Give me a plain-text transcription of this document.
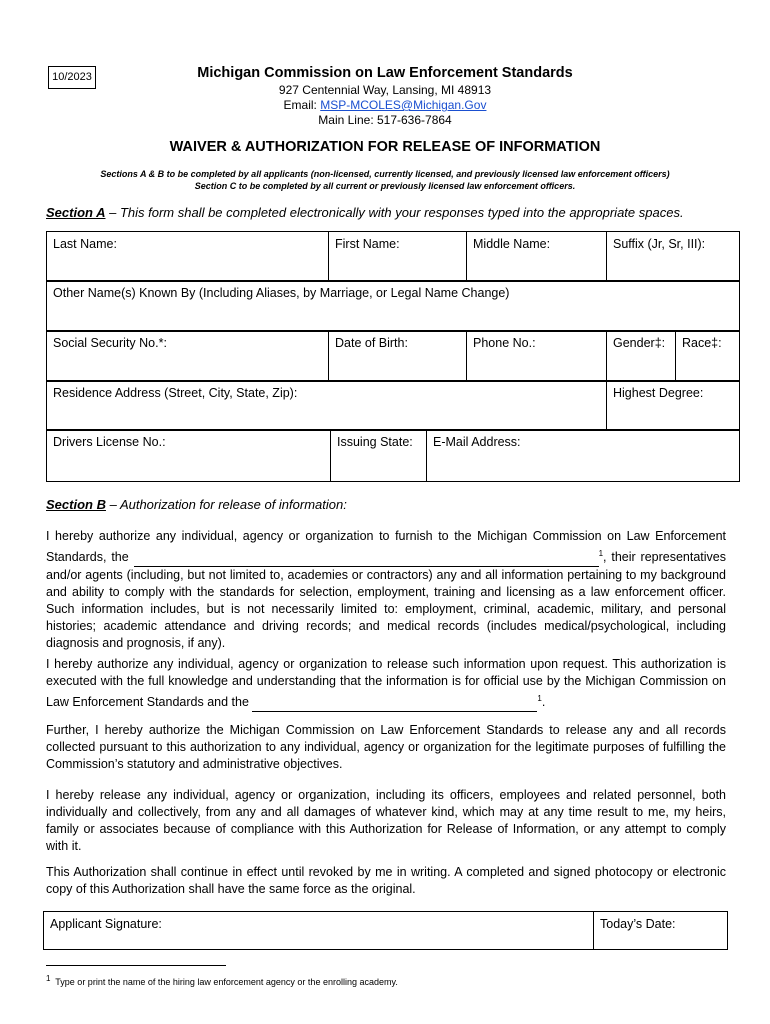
10/2023	Michigan Commission on Law Enforcement Standards
927 Centennial Way, Lansing, MI 48913
Email: MSP-MCOLES@Michigan.Gov
Main Line: 517-636-7864
WAIVER & AUTHORIZATION FOR RELEASE OF INFORMATION
Sections A & B to be completed by all applicants (non-licensed, currently licensed, and previously licensed law enforcement officers)
Section C to be completed by all current or previously licensed law enforcement officers.
Section A – This form shall be completed electronically with your responses typed into the appropriate spaces.
Last Name:	First Name:	Middle Name:	Suffix (Jr, Sr, III):
Other Name(s) Known By (Including Aliases, by Marriage, or Legal Name Change)
Social Security No.*:	Date of Birth:	Phone No.:	Gender‡:	Race‡:
Residence Address (Street, City, State, Zip):	Highest Degree:
Drivers License No.:	Issuing State:	E-Mail Address:
Section B – Authorization for release of information:
I hereby authorize any individual, agency or organization to furnish to the Michigan Commission on Law Enforcement Standards, the	$^1$, their representatives and/or agents (including, but not limited to, academies or contractors) any and all information pertaining to my background and ability to comply with the standards for selection, employment, training and licensing as a law enforcement officer. Such information includes, but is not necessarily limited to: employment, criminal, academic, military, and personal histories; academic attendance and driving records; and medical records (includes medical/psychological, including diagnosis and prognosis, if any).
I hereby authorize any individual, agency or organization to release such information upon request. This authorization is executed with the full knowledge and understanding that the information is for official use by the Michigan Commission on Law Enforcement Standards and the	$^1$.
Further, I hereby authorize the Michigan Commission on Law Enforcement Standards to release any and all records collected pursuant to this authorization to any individual, agency or organization for the legitimate purposes of fulfilling the Commission’s statutory and administrative objectives.
I hereby release any individual, agency or organization, including its officers, employees and related personnel, both individually and collectively, from any and all damages of whatever kind, which may at any time result to me, my heirs, family or associates because of compliance with this Authorization for Release of Information, or any attempt to comply with it.
This Authorization shall continue in effect until revoked by me in writing. A completed and signed photocopy or electronic copy of this Authorization shall have the same force as the original.
Applicant Signature:	Today’s Date:
$^1$ Type or print the name of the hiring law enforcement agency or the enrolling academy.
